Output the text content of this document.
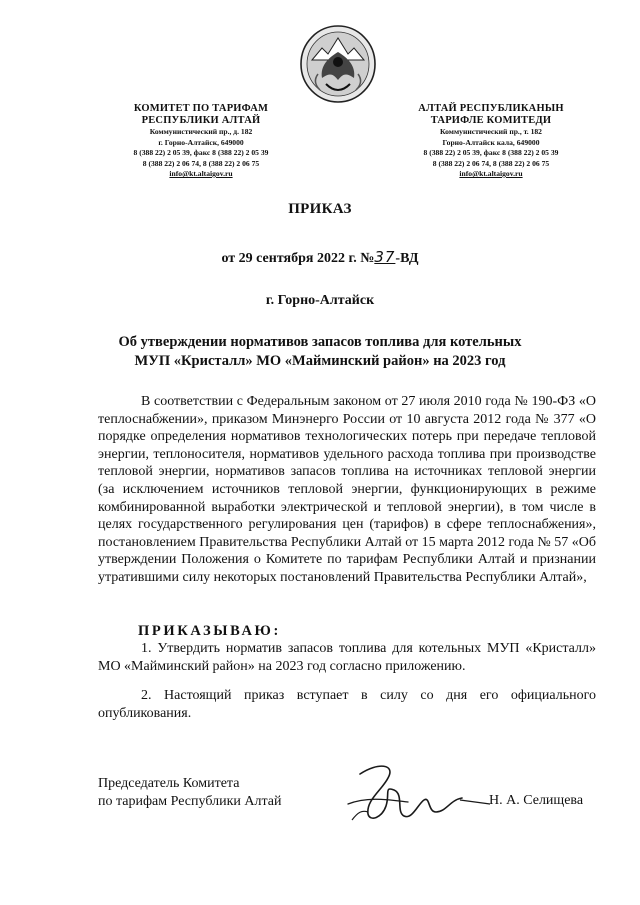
КОМИТЕТ ПО ТАРИФАМ
РЕСПУБЛИКИ АЛТАЙ
Коммунистический пр., д. 182
г. Горно-Алтайск, 649000
8 (388 22) 2 05 39, факс 8 (388 22) 2 05 39
8 (388 22) 2 06 74, 8 (388 22) 2 06 75
info@kt.altaigov.ru
АЛТАЙ РЕСПУБЛИКАНЫН
ТАРИФЛЕ КОМИТЕДИ
Коммунистический пр., т. 182
Горно-Алтайск кала, 649000
8 (388 22) 2 05 39, факс 8 (388 22) 2 05 39
8 (388 22) 2 06 74, 8 (388 22) 2 06 75
info@kt.altaigov.ru
ПРИКАЗ
от 29 сентября 2022 г. №37-ВД
г. Горно-Алтайск
Об утверждении нормативов запасов топлива для котельных
МУП «Кристалл» МО «Майминский район» на 2023 год
В соответствии с Федеральным законом от 27 июля 2010 года № 190-ФЗ «О теплоснабжении», приказом Минэнерго России от 10 августа 2012 года № 377 «О порядке определения нормативов технологических потерь при передаче тепловой энергии, теплоносителя, нормативов удельного расхода топлива при производстве тепловой энергии, нормативов запасов топлива на источниках тепловой энергии (за исключением источников тепловой энергии, функционирующих в режиме комбинированной выработки электрической и тепловой энергии), в том числе в целях государственного регулирования цен (тарифов) в сфере теплоснабжения», постановлением Правительства Республики Алтай от 15 марта 2012 года № 57 «Об утверждении Положения о Комитете по тарифам Республики Алтай и признании утратившими силу некоторых постановлений Правительства Республики Алтай»,
ПРИКАЗЫВАЮ:
1. Утвердить норматив запасов топлива для котельных МУП «Кристалл» МО «Майминский район» на 2023 год согласно приложению.
2. Настоящий приказ вступает в силу со дня его официального опубликования.
Председатель Комитета
по тарифам Республики Алтай	Н. А. Селищева
